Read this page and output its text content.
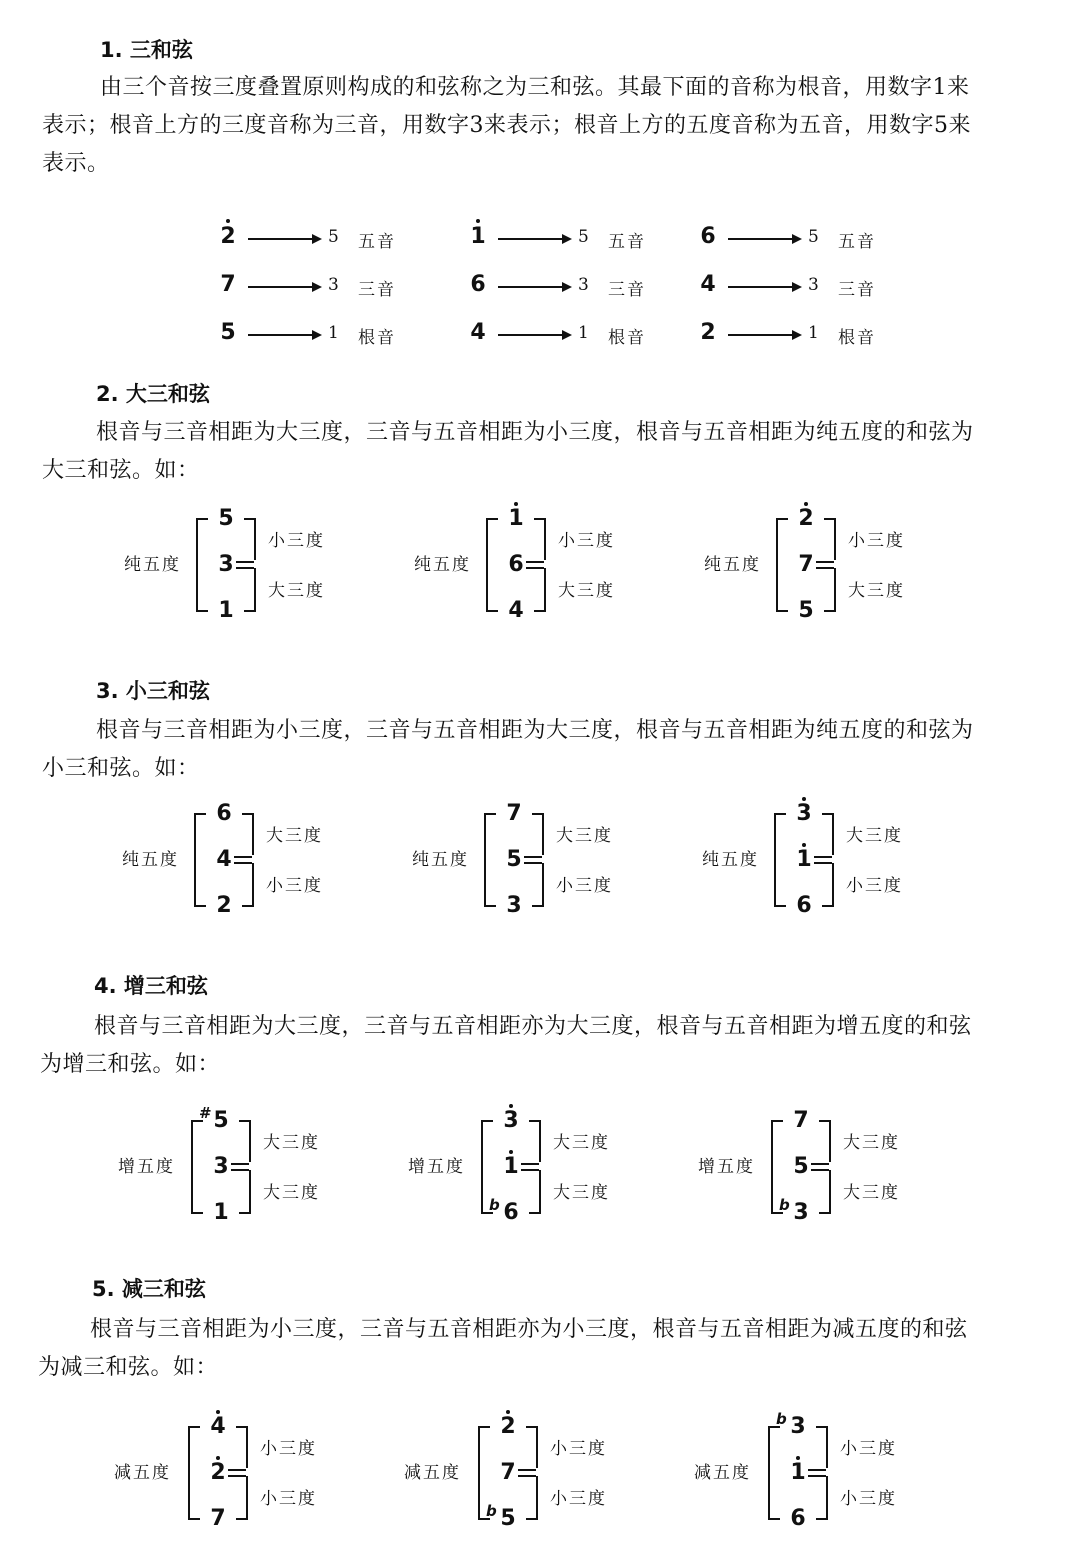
1. 三和弦
由三个音按三度叠置原则构成的和弦称之为三和弦。其最下面的音称为根音，用数字1来
表示；根音上方的三度音称为三音，用数字3来表示；根音上方的五度音称为五音，用数字5来
表示。
2. 大三和弦
根音与三音相距为大三度，三音与五音相距为小三度，根音与五音相距为纯五度的和弦为
大三和弦。如：
3. 小三和弦
根音与三音相距为小三度，三音与五音相距为大三度，根音与五音相距为纯五度的和弦为
小三和弦。如：
4. 增三和弦
根音与三音相距为大三度，三音与五音相距亦为大三度，根音与五音相距为增五度的和弦
为增三和弦。如：
5. 减三和弦
根音与三音相距为小三度，三音与五音相距亦为小三度，根音与五音相距为减五度的和弦
为减三和弦。如：
2	5 五音
7	3 三音
5	1 根音
1	5 五音
6	3 三音
4	1 根音
6	5 五音
4	3 三音
2	1 根音
5
3
1
纯五度
小三度
大三度
1
6
4
纯五度
小三度
大三度
2
7
5
纯五度
小三度
大三度
6
4
2
纯五度
大三度
小三度
7
5
3
纯五度
大三度
小三度
3
1
6
纯五度
大三度
小三度
5
#
3
1
增五度
大三度
大三度
3
1
6
b
增五度
大三度
大三度
7
5
3
b
增五度
大三度
大三度
4
2
7
减五度
小三度
小三度
2
7
5
b
减五度
小三度
小三度
3
b
1
6
减五度
小三度
小三度
